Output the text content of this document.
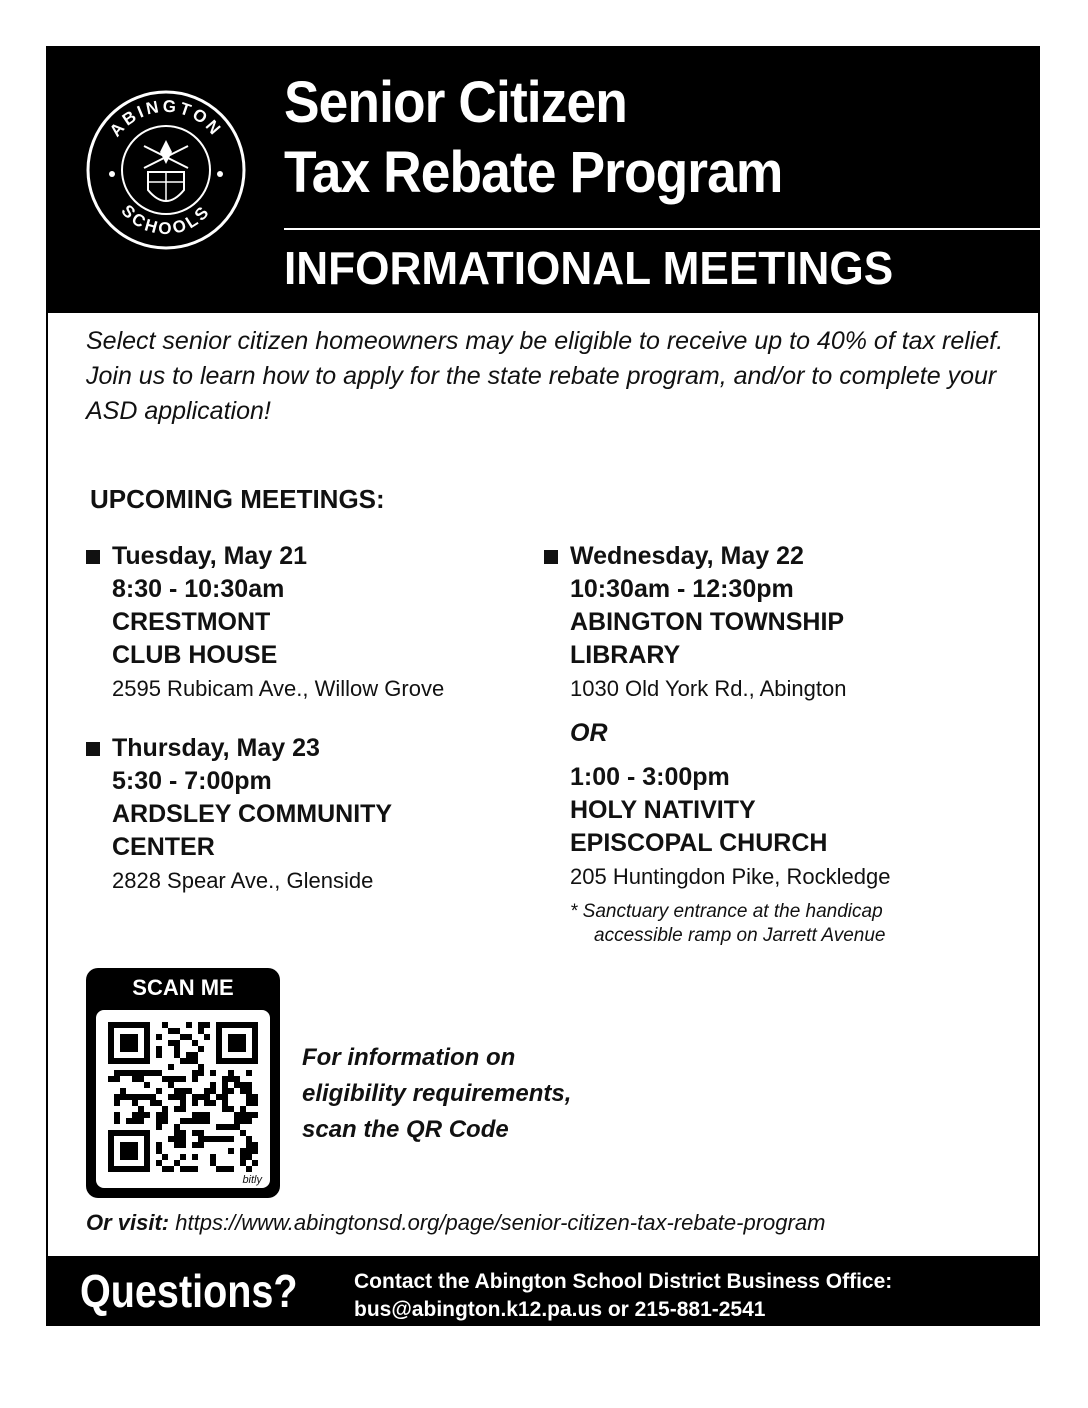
ABINGTON
SCHOOLS
Senior Citizen
Tax Rebate Program
INFORMATIONAL MEETINGS
Select senior citizen homeowners may be eligible to receive up to 40% of tax relief. Join us to learn how to apply for the state rebate program, and/or to complete your ASD application!
UPCOMING MEETINGS:
Tuesday, May 21
8:30 - 10:30am
CRESTMONT
CLUB HOUSE
2595 Rubicam Ave., Willow Grove
Thursday, May 23
5:30 - 7:00pm
ARDSLEY COMMUNITY
CENTER
2828 Spear Ave., Glenside
Wednesday, May 22
10:30am - 12:30pm
ABINGTON TOWNSHIP
LIBRARY
1030 Old York Rd., Abington
OR
1:00 - 3:00pm
HOLY NATIVITY
EPISCOPAL CHURCH
205 Huntingdon Pike, Rockledge
* Sanctuary entrance at the handicap
accessible ramp on Jarrett Avenue
SCAN ME
bitly
For information on
eligibility requirements,
scan the QR Code
Or visit: https://www.abingtonsd.org/page/senior-citizen-tax-rebate-program
Questions?	Contact the Abington School District Business Office:
bus@abington.k12.pa.us or 215-881-2541
